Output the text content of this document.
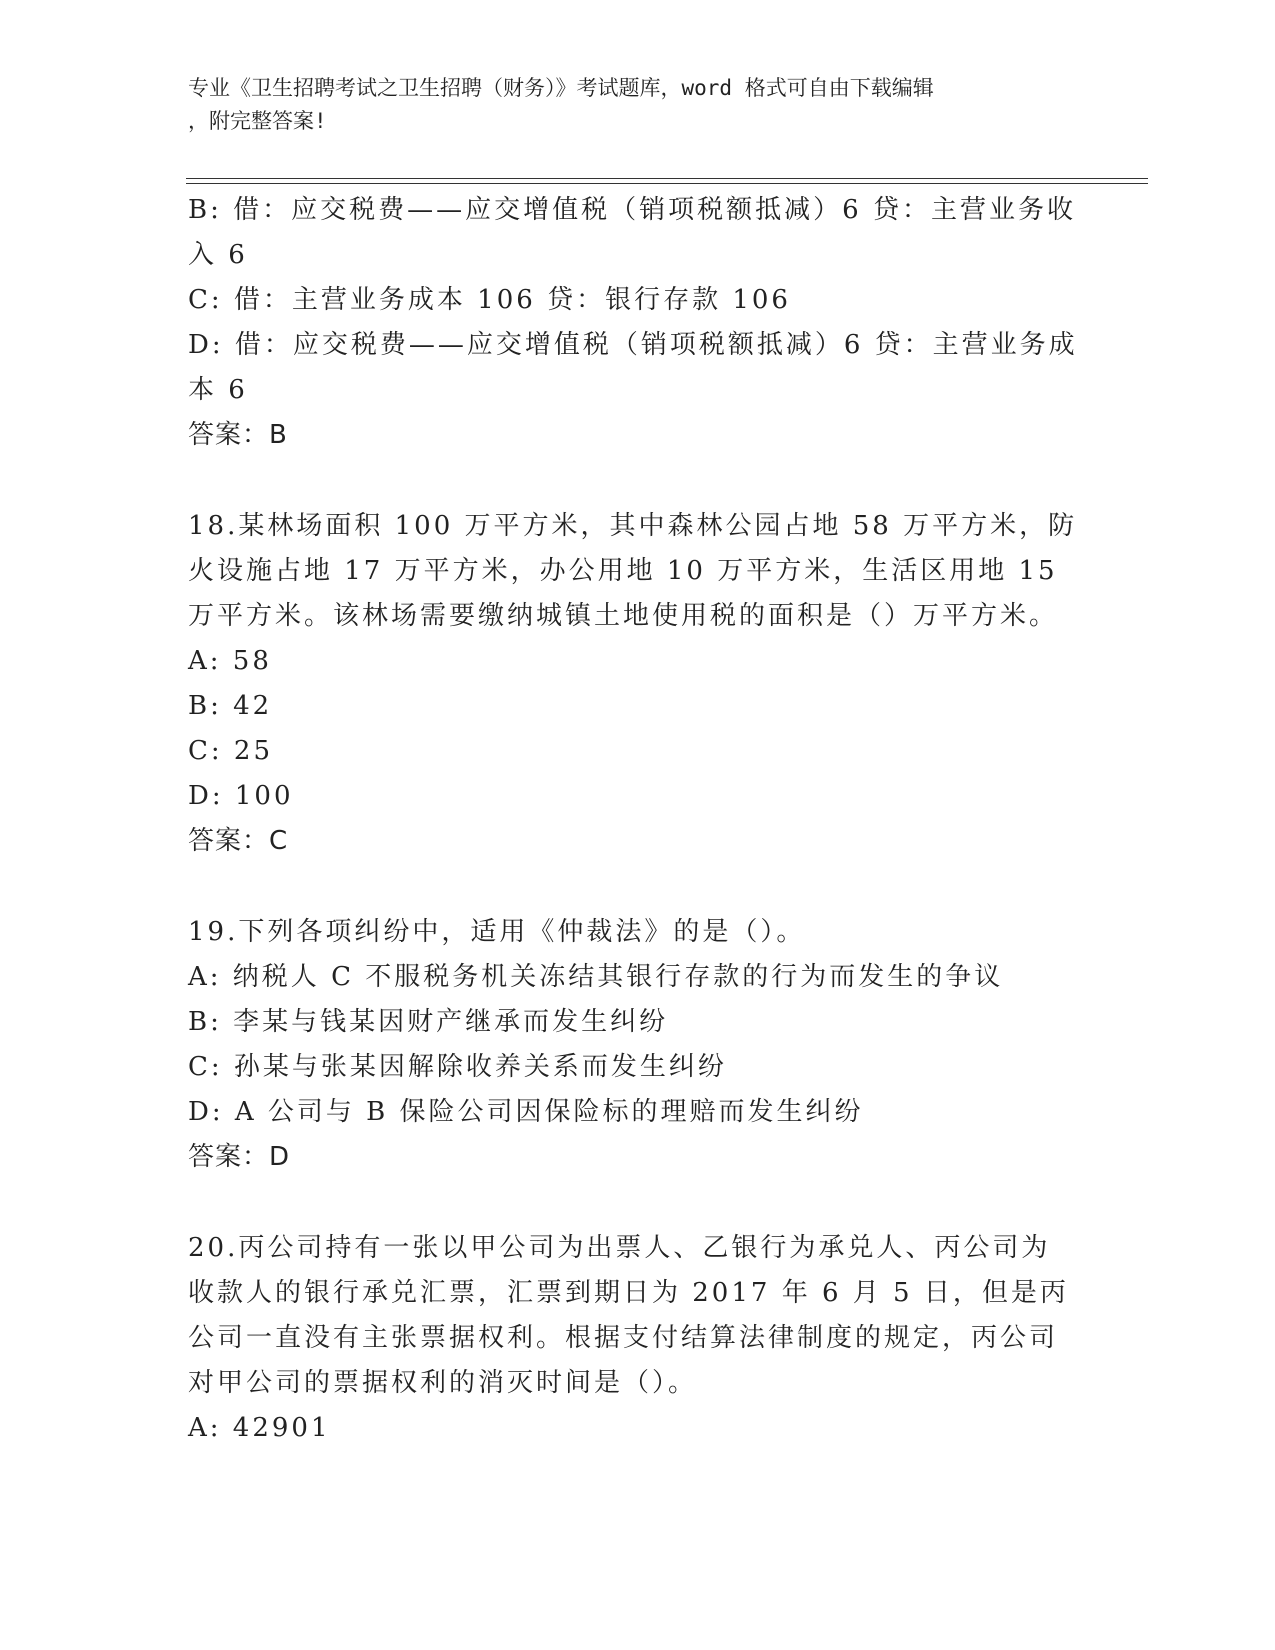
专业《卫生招聘考试之卫生招聘（财务）》考试题库，word 格式可自由下载编辑
，附完整答案!
B: 借：应交税费——应交增值税（销项税额抵减）6 贷：主营业务收入 6
C: 借：主营业务成本 106 贷：银行存款 106
D: 借：应交税费——应交增值税（销项税额抵减）6 贷：主营业务成本 6
答案：B
18.某林场面积 100 万平方米，其中森林公园占地 58 万平方米，防火设施占地 17 万平方米，办公用地 10 万平方米，生活区用地 15 万平方米。该林场需要缴纳城镇土地使用税的面积是（）万平方米。
A: 58
B: 42
C: 25
D: 100
答案：C
19.下列各项纠纷中，适用《仲裁法》的是（）。
A: 纳税人 C 不服税务机关冻结其银行存款的行为而发生的争议
B: 李某与钱某因财产继承而发生纠纷
C: 孙某与张某因解除收养关系而发生纠纷
D: A 公司与 B 保险公司因保险标的理赔而发生纠纷
答案：D
20.丙公司持有一张以甲公司为出票人、乙银行为承兑人、丙公司为收款人的银行承兑汇票，汇票到期日为 2017 年 6 月 5 日，但是丙公司一直没有主张票据权利。根据支付结算法律制度的规定，丙公司对甲公司的票据权利的消灭时间是（）。
A: 42901
